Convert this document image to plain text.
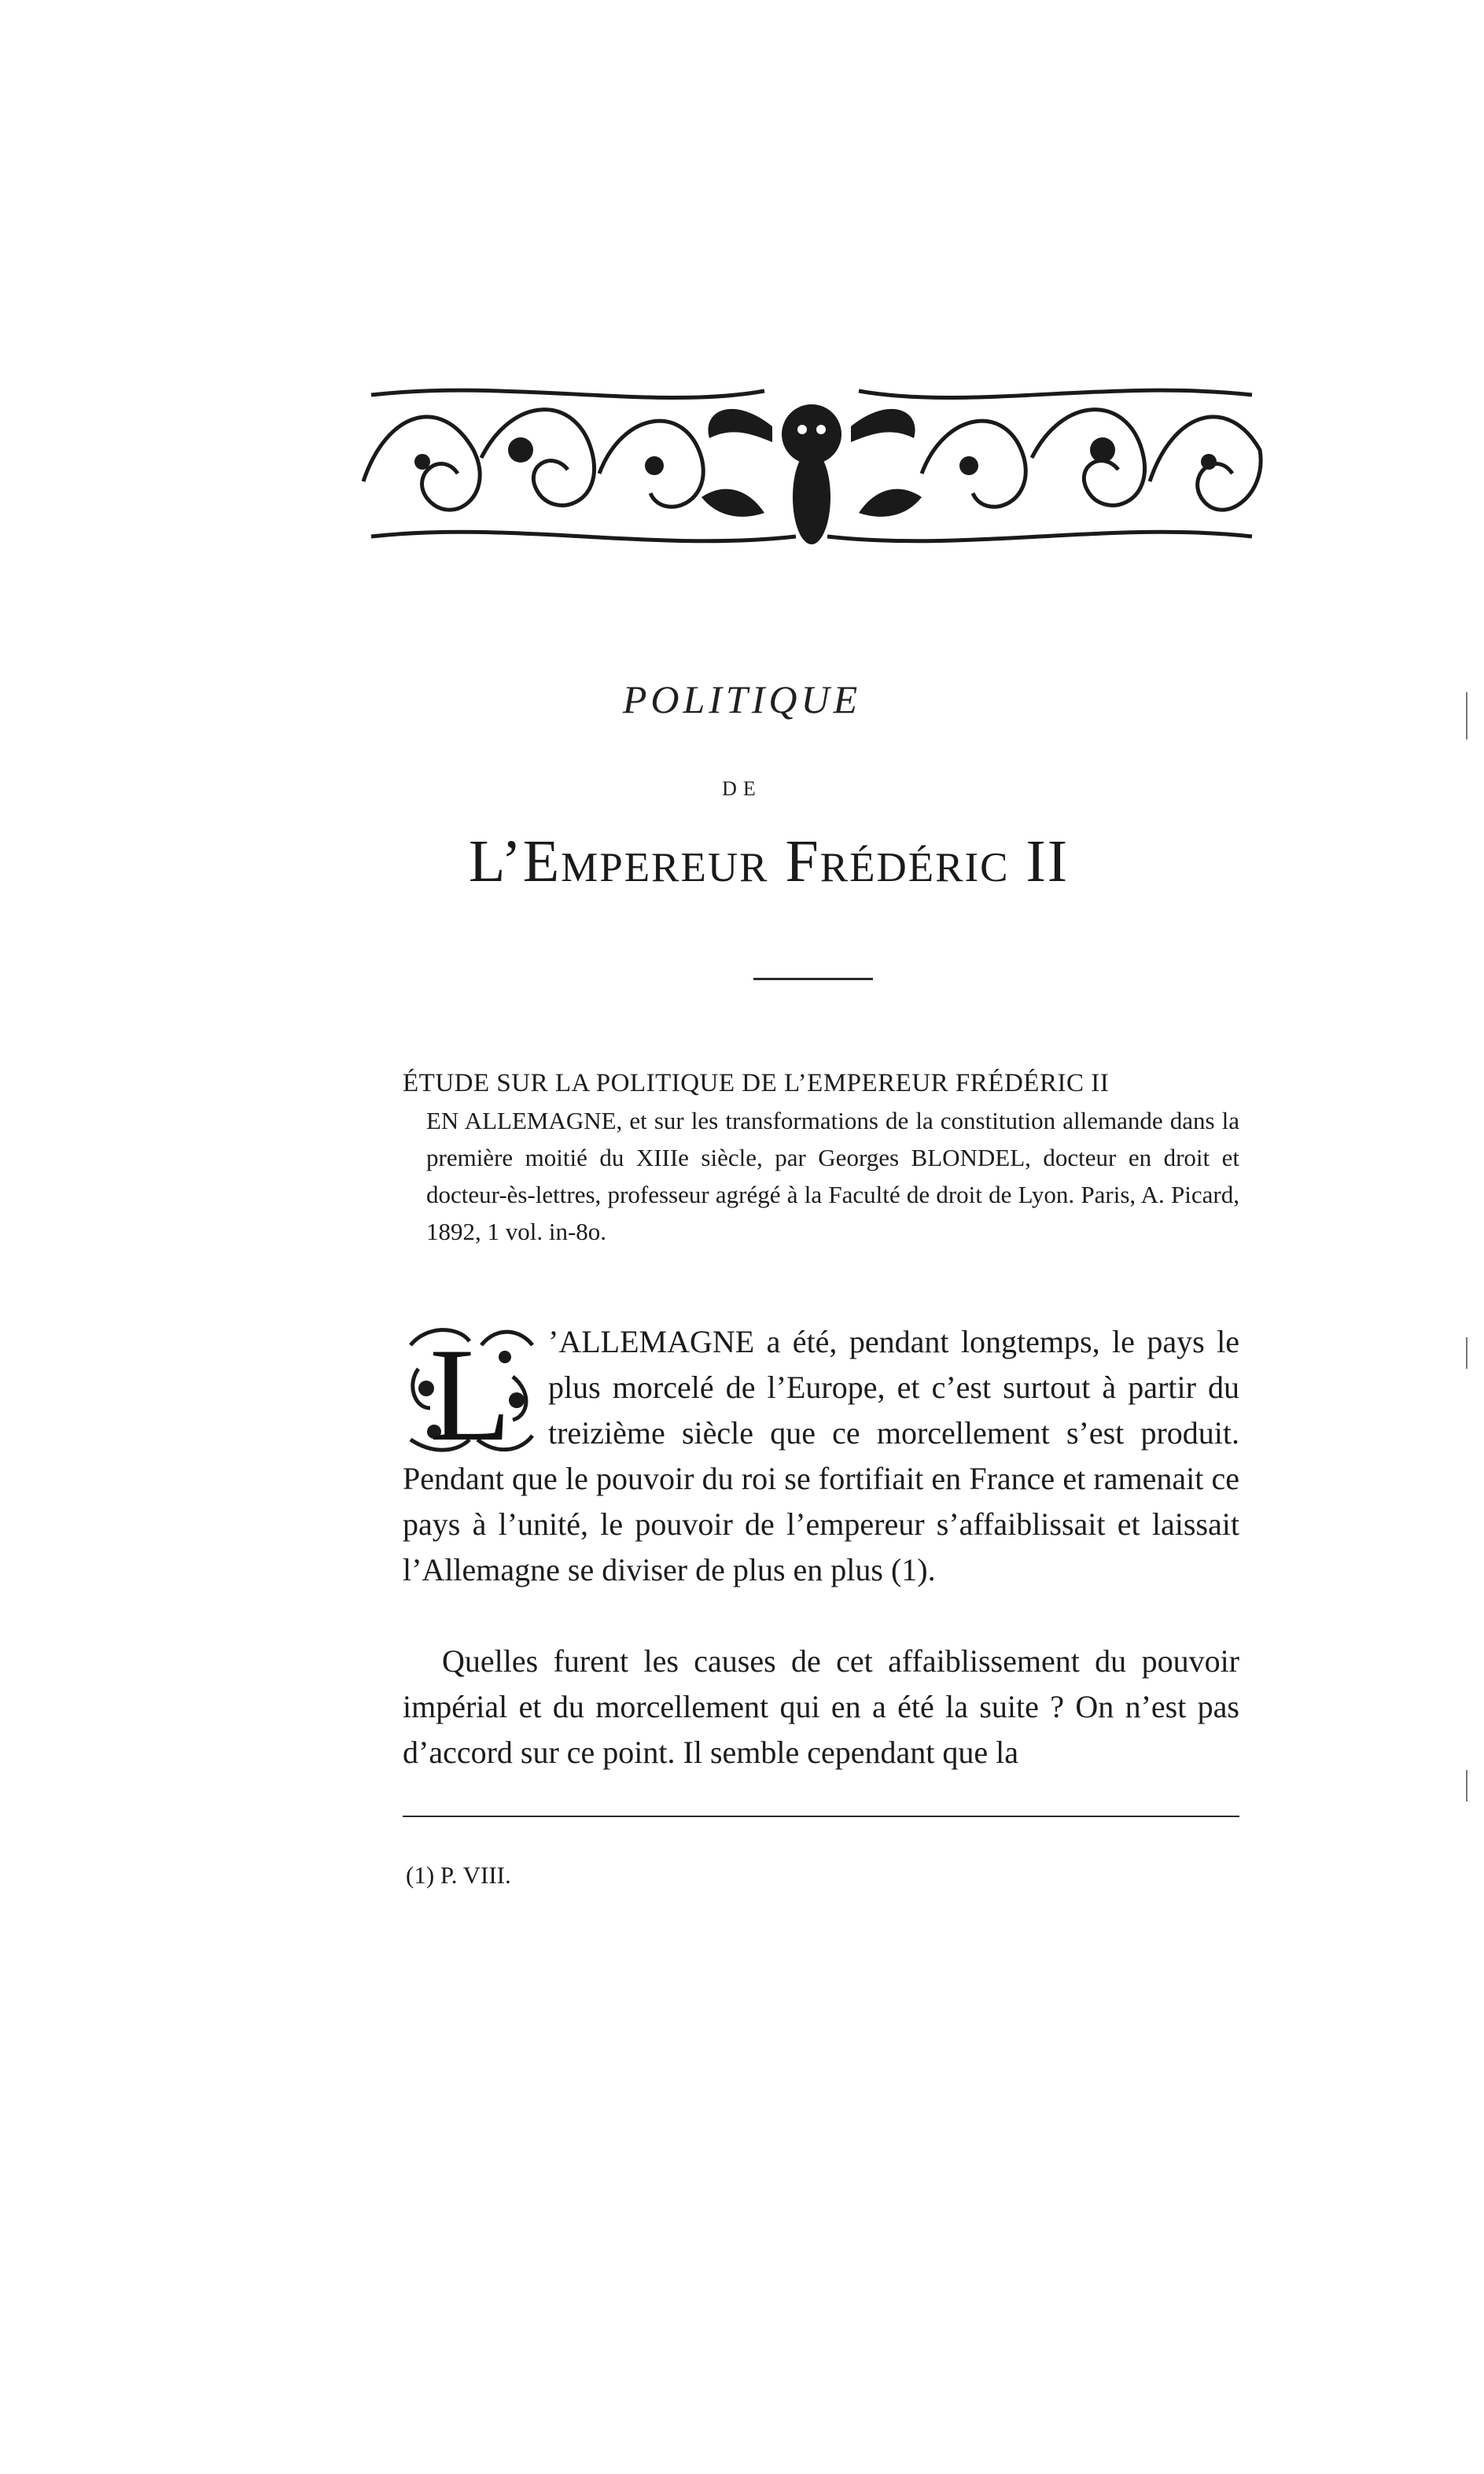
POLITIQUE
DE
L’Empereur Frédéric II
ÉTUDE SUR LA POLITIQUE DE L’EMPEREUR FRÉDÉRIC II
EN ALLEMAGNE, et sur les transformations de la constitution allemande dans la première moitié du XIIIe siècle, par Georges BLONDEL, docteur en droit et docteur-ès-lettres, professeur agrégé à la Faculté de droit de Lyon. Paris, A. Picard, 1892, 1 vol. in-8o.
L	’ALLEMAGNE a été, pendant longtemps, le pays le plus morcelé de l’Europe, et c’est surtout à partir du treizième siècle que ce morcellement s’est produit. Pendant que le pouvoir du roi se fortifiait en France et ramenait ce pays à l’unité, le pouvoir de l’empereur s’affaiblissait et laissait l’Allemagne se diviser de plus en plus (1).
Quelles furent les causes de cet affaiblissement du pouvoir impérial et du morcellement qui en a été la suite ? On n’est pas d’accord sur ce point. Il semble cependant que la
(1) P. VIII.
